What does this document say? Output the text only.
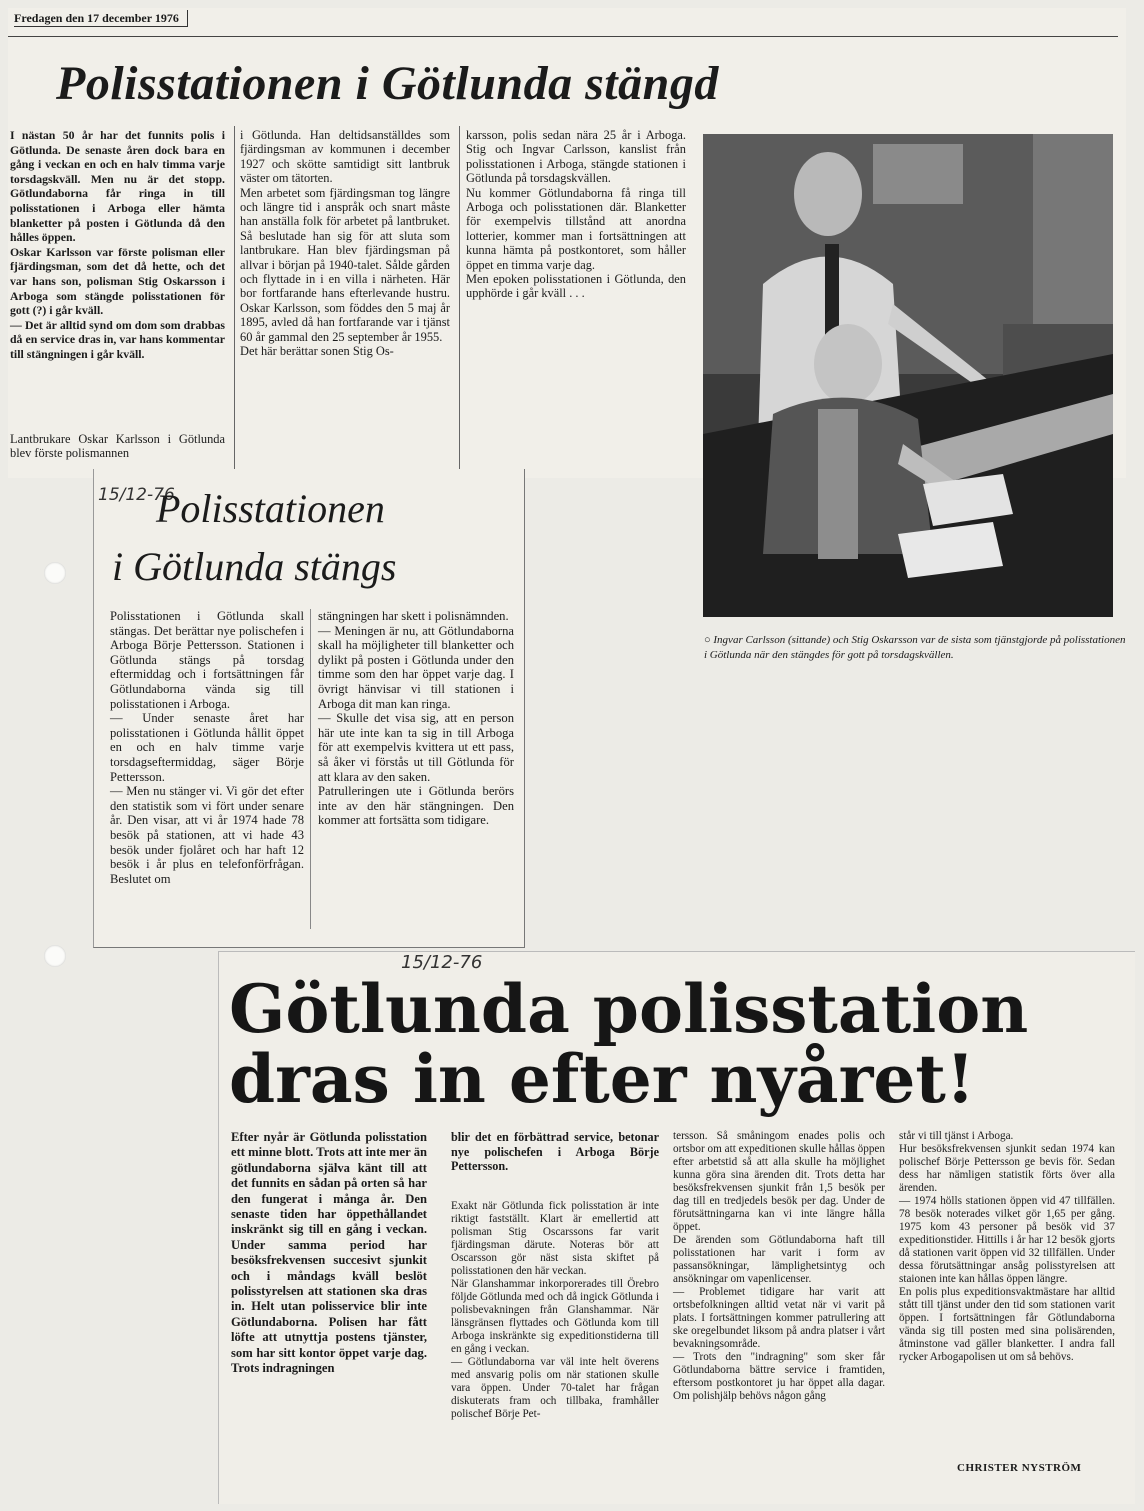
Fredagen den 17 december 1976
Polisstationen i Götlunda stängd
I nästan 50 år har det funnits polis i Götlunda. De senaste åren dock bara en gång i veckan en och en halv timma varje torsdagskväll. Men nu är det stopp. Götlundaborna får ringa in till polisstationen i Arboga eller hämta blanketter på posten i Götlunda då den hålles öppen.
Oskar Karlsson var förste polisman eller fjärdingsman, som det då hette, och det var hans son, polisman Stig Oskarsson i Arboga som stängde polisstationen för gott (?) i går kväll.
— Det är alltid synd om dom som drabbas då en service dras in, var hans kommentar till stängningen i går kväll.
Lantbrukare Oskar Karlsson i Götlunda blev förste polismannen
i Götlunda. Han deltidsanställdes som fjärdingsman av kommunen i december 1927 och skötte samtidigt sitt lantbruk väster om tätorten.
Men arbetet som fjärdingsman tog längre och längre tid i anspråk och snart måste han anställa folk för arbetet på lantbruket. Så beslutade han sig för att sluta som lantbrukare. Han blev fjärdingsman på allvar i början på 1940-talet. Sålde gården och flyttade in i en villa i närheten. Här bor fortfarande hans efterlevande hustru. Oskar Karlsson, som föddes den 5 maj år 1895, avled då han fortfarande var i tjänst 60 år gammal den 25 september år 1955.
Det här berättar sonen Stig Os-
karsson, polis sedan nära 25 år i Arboga. Stig och Ingvar Carlsson, kanslist från polisstationen i Arboga, stängde stationen i Götlunda på torsdagskvällen.
Nu kommer Götlundaborna få ringa till Arboga och polisstationen där. Blanketter för exempelvis tillstånd att anordna lotterier, kommer man i fortsättningen att kunna hämta på postkontoret, som håller öppet en timma varje dag.
Men epoken polisstationen i Götlunda, den upphörde i går kväll . . .
○ Ingvar Carlsson (sittande) och Stig Oskarsson var de sista som tjänstgjorde på polisstationen i Götlunda när den stängdes för gott på torsdagskvällen.
15/12-76
Polisstationen
i Götlunda stängs
Polisstationen i Götlunda skall stängas. Det berättar nye polischefen i Arboga Börje Pettersson. Stationen i Götlunda stängs på torsdag eftermiddag och i fortsättningen får Götlundaborna vända sig till polisstationen i Arboga.
— Under senaste året har polisstationen i Götlunda hållit öppet en och en halv timme varje torsdagseftermiddag, säger Börje Pettersson.
— Men nu stänger vi. Vi gör det efter den statistik som vi fört under senare år. Den visar, att vi år 1974 hade 78 besök på stationen, att vi hade 43 besök under fjolåret och har haft 12 besök i år plus en telefonförfrågan. Beslutet om
stängningen har skett i polisnämnden.
— Meningen är nu, att Götlundaborna skall ha möjligheter till blanketter och dylikt på posten i Götlunda under den timme som den har öppet varje dag. I övrigt hänvisar vi till stationen i Arboga dit man kan ringa.
— Skulle det visa sig, att en person här ute inte kan ta sig in till Arboga för att exempelvis kvittera ut ett pass, så åker vi förstås ut till Götlunda för att klara av den saken.
Patrulleringen ute i Götlunda berörs inte av den här stängningen. Den kommer att fortsätta som tidigare.
15/12-76
Götlunda polisstation
dras in efter nyåret!
Efter nyår är Götlunda polisstation ett minne blott. Trots att inte mer än götlundaborna själva känt till att det funnits en sådan på orten så har den fungerat i många år. Den senaste tiden har öppethållandet inskränkt sig till en gång i veckan. Under samma period har besöksfrekvensen succesivt sjunkit och i måndags kväll beslöt polisstyrelsen att stationen ska dras in. Helt utan polisservice blir inte Götlundaborna. Polisen har fått löfte att utnyttja postens tjänster, som har sitt kontor öppet varje dag. Trots indragningen
blir det en förbättrad service, betonar nye polischefen i Arboga Börje Pettersson.
Exakt när Götlunda fick polisstation är inte riktigt fastställt. Klart är emellertid att polisman Stig Oscarssons far varit fjärdingsman därute. Noteras bör att Oscarsson gör näst sista skiftet på polisstationen den här veckan.
När Glanshammar inkorporerades till Örebro följde Götlunda med och då ingick Götlunda i polisbevakningen från Glanshammar. När länsgränsen flyttades och Götlunda kom till Arboga inskränkte sig expeditionstiderna till en gång i veckan.
— Götlundaborna var väl inte helt överens med ansvarig polis om när stationen skulle vara öppen. Under 70-talet har frågan diskuterats fram och tillbaka, framhåller polischef Börje Pet-
tersson. Så småningom enades polis och ortsbor om att expeditionen skulle hållas öppen efter arbetstid så att alla skulle ha möjlighet kunna göra sina ärenden dit. Trots detta har besöksfrekvensen sjunkit från 1,5 besök per dag till en tredjedels besök per dag. Under de förutsättningarna kan vi inte längre hålla öppet.
De ärenden som Götlundaborna haft till polisstationen har varit i form av passansökningar, lämplighetsintyg och ansökningar om vapenlicenser.
— Problemet tidigare har varit att ortsbefolkningen alltid vetat när vi varit på plats. I fortsättningen kommer patrullering att ske oregelbundet liksom på andra platser i vårt bevakningsområde.
— Trots den "indragning" som sker får Götlundaborna bättre service i framtiden, eftersom postkontoret ju har öppet alla dagar. Om polishjälp behövs någon gång
står vi till tjänst i Arboga.
Hur besöksfrekvensen sjunkit sedan 1974 kan polischef Börje Pettersson ge bevis för. Sedan dess har nämligen statistik förts över alla ärenden.
— 1974 hölls stationen öppen vid 47 tillfällen. 78 besök noterades vilket gör 1,65 per gång. 1975 kom 43 personer på besök vid 37 expeditionstider. Hittills i år har 12 besök gjorts då stationen varit öppen vid 32 tillfällen. Under dessa förutsättningar ansåg polisstyrelsen att staionen inte kan hållas öppen längre.
En polis plus expeditionsvaktmästare har alltid stått till tjänst under den tid som stationen varit öppen. I fortsättningen får Götlundaborna vända sig till posten med sina polisärenden, åtminstone vad gäller blanketter. I andra fall rycker Arbogapolisen ut om så behövs.
CHRISTER NYSTRÖM
